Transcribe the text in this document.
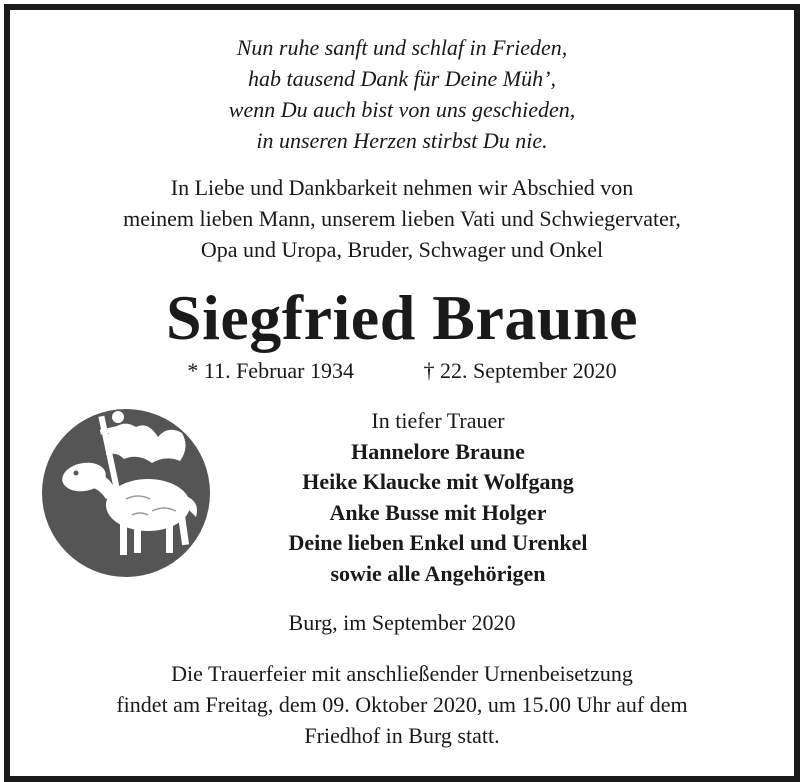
Nun ruhe sanft und schlaf in Frieden,
hab tausend Dank für Deine Müh’,
wenn Du auch bist von uns geschieden,
in unseren Herzen stirbst Du nie.
In Liebe und Dankbarkeit nehmen wir Abschied von
meinem lieben Mann, unserem lieben Vati und Schwiegervater,
Opa und Uropa, Bruder, Schwager und Onkel
Siegfried Braune
* 11. Februar 1934	† 22. September 2020
In tiefer Trauer
Hannelore Braune
Heike Klaucke mit Wolfgang
Anke Busse mit Holger
Deine lieben Enkel und Urenkel
sowie alle Angehörigen
Burg, im September 2020
Die Trauerfeier mit anschließender Urnenbeisetzung
findet am Freitag, dem 09. Oktober 2020, um 15.00 Uhr auf dem
Friedhof in Burg statt.
